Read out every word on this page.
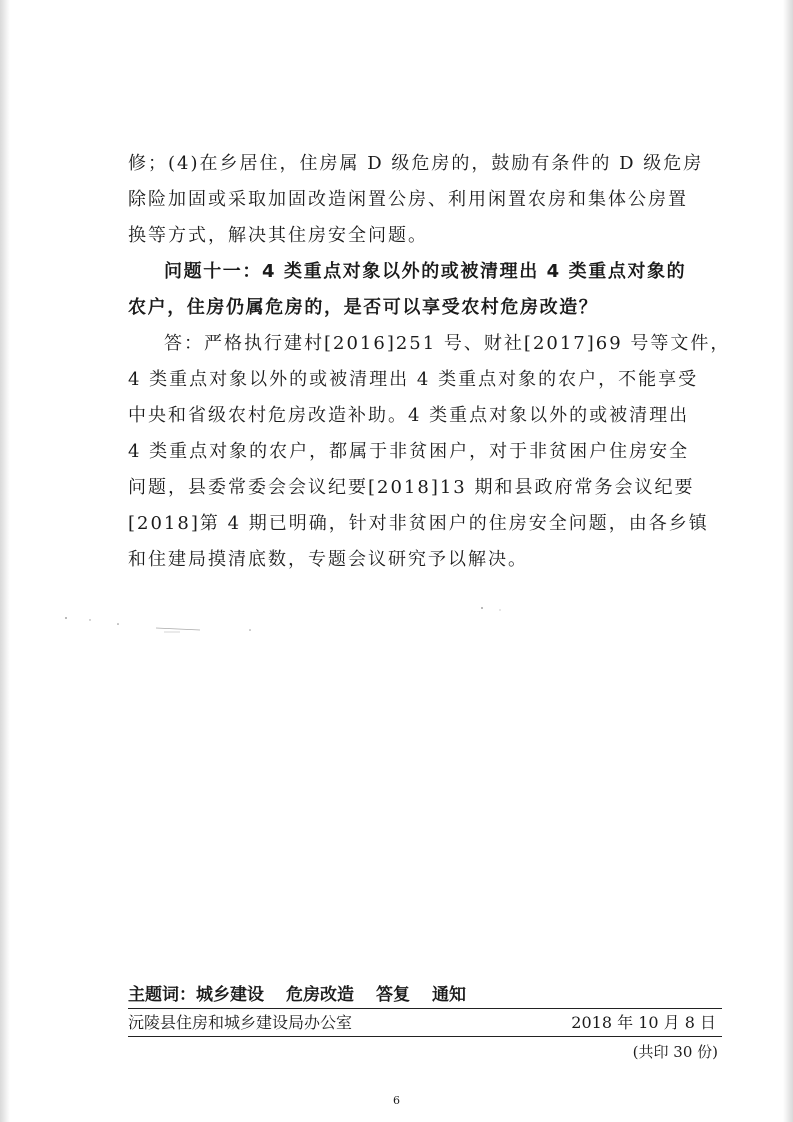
修；(4)在乡居住，住房属 D 级危房的，鼓励有条件的 D 级危房
除险加固或采取加固改造闲置公房、利用闲置农房和集体公房置
换等方式，解决其住房安全问题。

问题十一：4 类重点对象以外的或被清理出 4 类重点对象的
农户，住房仍属危房的，是否可以享受农村危房改造？

答：严格执行建村[2016]251 号、财社[2017]69 号等文件，
4 类重点对象以外的或被清理出 4 类重点对象的农户，不能享受
中央和省级农村危房改造补助。4 类重点对象以外的或被清理出
4 类重点对象的农户，都属于非贫困户，对于非贫困户住房安全
问题，县委常委会会议纪要[2018]13 期和县政府常务会议纪要
[2018]第 4 期已明确，针对非贫困户的住房安全问题，由各乡镇
和住建局摸清底数，专题会议研究予以解决。

主题词：城乡建设 危房改造 答复 通知
沅陵县住房和城乡建设局办公室	2018 年 10 月 8 日
(共印 30 份)
6
